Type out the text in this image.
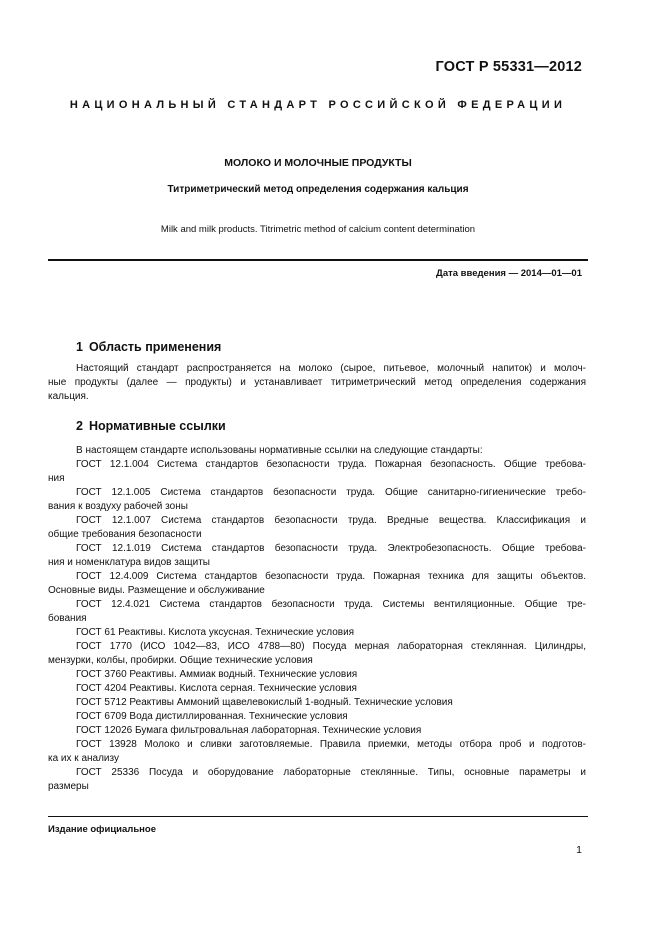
ГОСТ Р 55331—2012
НАЦИОНАЛЬНЫЙ СТАНДАРТ РОССИЙСКОЙ ФЕДЕРАЦИИ
МОЛОКО И МОЛОЧНЫЕ ПРОДУКТЫ
Титриметрический метод определения содержания кальция
Milk and milk products. Titrimetric method of calcium content determination
Дата введения — 2014—01—01
1 Область применения
Настоящий стандарт распространяется на молоко (сырое, питьевое, молочный напиток) и молоч-
ные продукты (далее — продукты) и устанавливает титриметрический метод определения содержания
кальция.
2 Нормативные ссылки
В настоящем стандарте использованы нормативные ссылки на следующие стандарты:
ГОСТ 12.1.004 Система стандартов безопасности труда. Пожарная безопасность. Общие требова-
ния
ГОСТ 12.1.005 Система стандартов безопасности труда. Общие санитарно-гигиенические требо-
вания к воздуху рабочей зоны
ГОСТ 12.1.007 Система стандартов безопасности труда. Вредные вещества. Классификация и
общие требования безопасности
ГОСТ 12.1.019 Система стандартов безопасности труда. Электробезопасность. Общие требова-
ния и номенклатура видов защиты
ГОСТ 12.4.009 Система стандартов безопасности труда. Пожарная техника для защиты объектов.
Основные виды. Размещение и обслуживание
ГОСТ 12.4.021 Система стандартов безопасности труда. Системы вентиляционные. Общие тре-
бования
ГОСТ 61 Реактивы. Кислота уксусная. Технические условия
ГОСТ 1770 (ИСО 1042—83, ИСО 4788—80) Посуда мерная лабораторная стеклянная. Цилиндры,
мензурки, колбы, пробирки. Общие технические условия
ГОСТ 3760 Реактивы. Аммиак водный. Технические условия
ГОСТ 4204 Реактивы. Кислота серная. Технические условия
ГОСТ 5712 Реактивы Аммоний щавелевокислый 1-водный. Технические условия
ГОСТ 6709 Вода дистиллированная. Технические условия
ГОСТ 12026 Бумага фильтровальная лабораторная. Технические условия
ГОСТ 13928 Молоко и сливки заготовляемые. Правила приемки, методы отбора проб и подготов-
ка их к анализу
ГОСТ 25336 Посуда и оборудование лабораторные стеклянные. Типы, основные параметры и
размеры
Издание официальное
1
